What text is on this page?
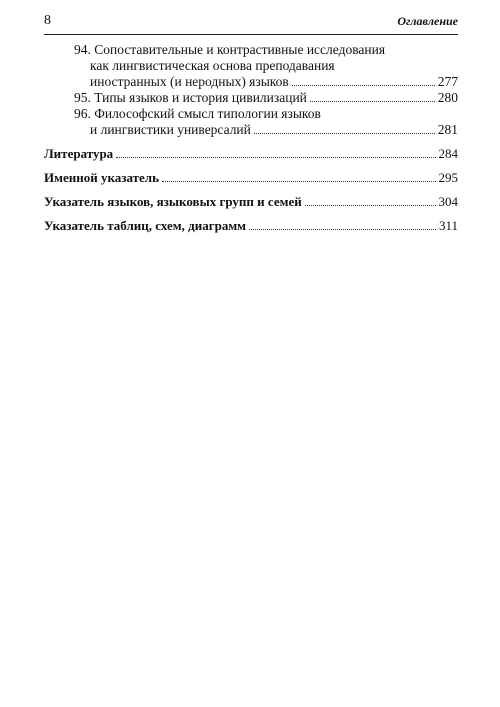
8	Оглавление
94. Сопоставительные и контрастивные исследования
как лингвистическая основа преподавания
иностранных (и неродных) языков	277
95. Типы языков и история цивилизаций	280
96. Философский смысл типологии языков
и лингвистики универсалий	281
Литература	284
Именной указатель	295
Указатель языков, языковых групп и семей	304
Указатель таблиц, схем, диаграмм	311
